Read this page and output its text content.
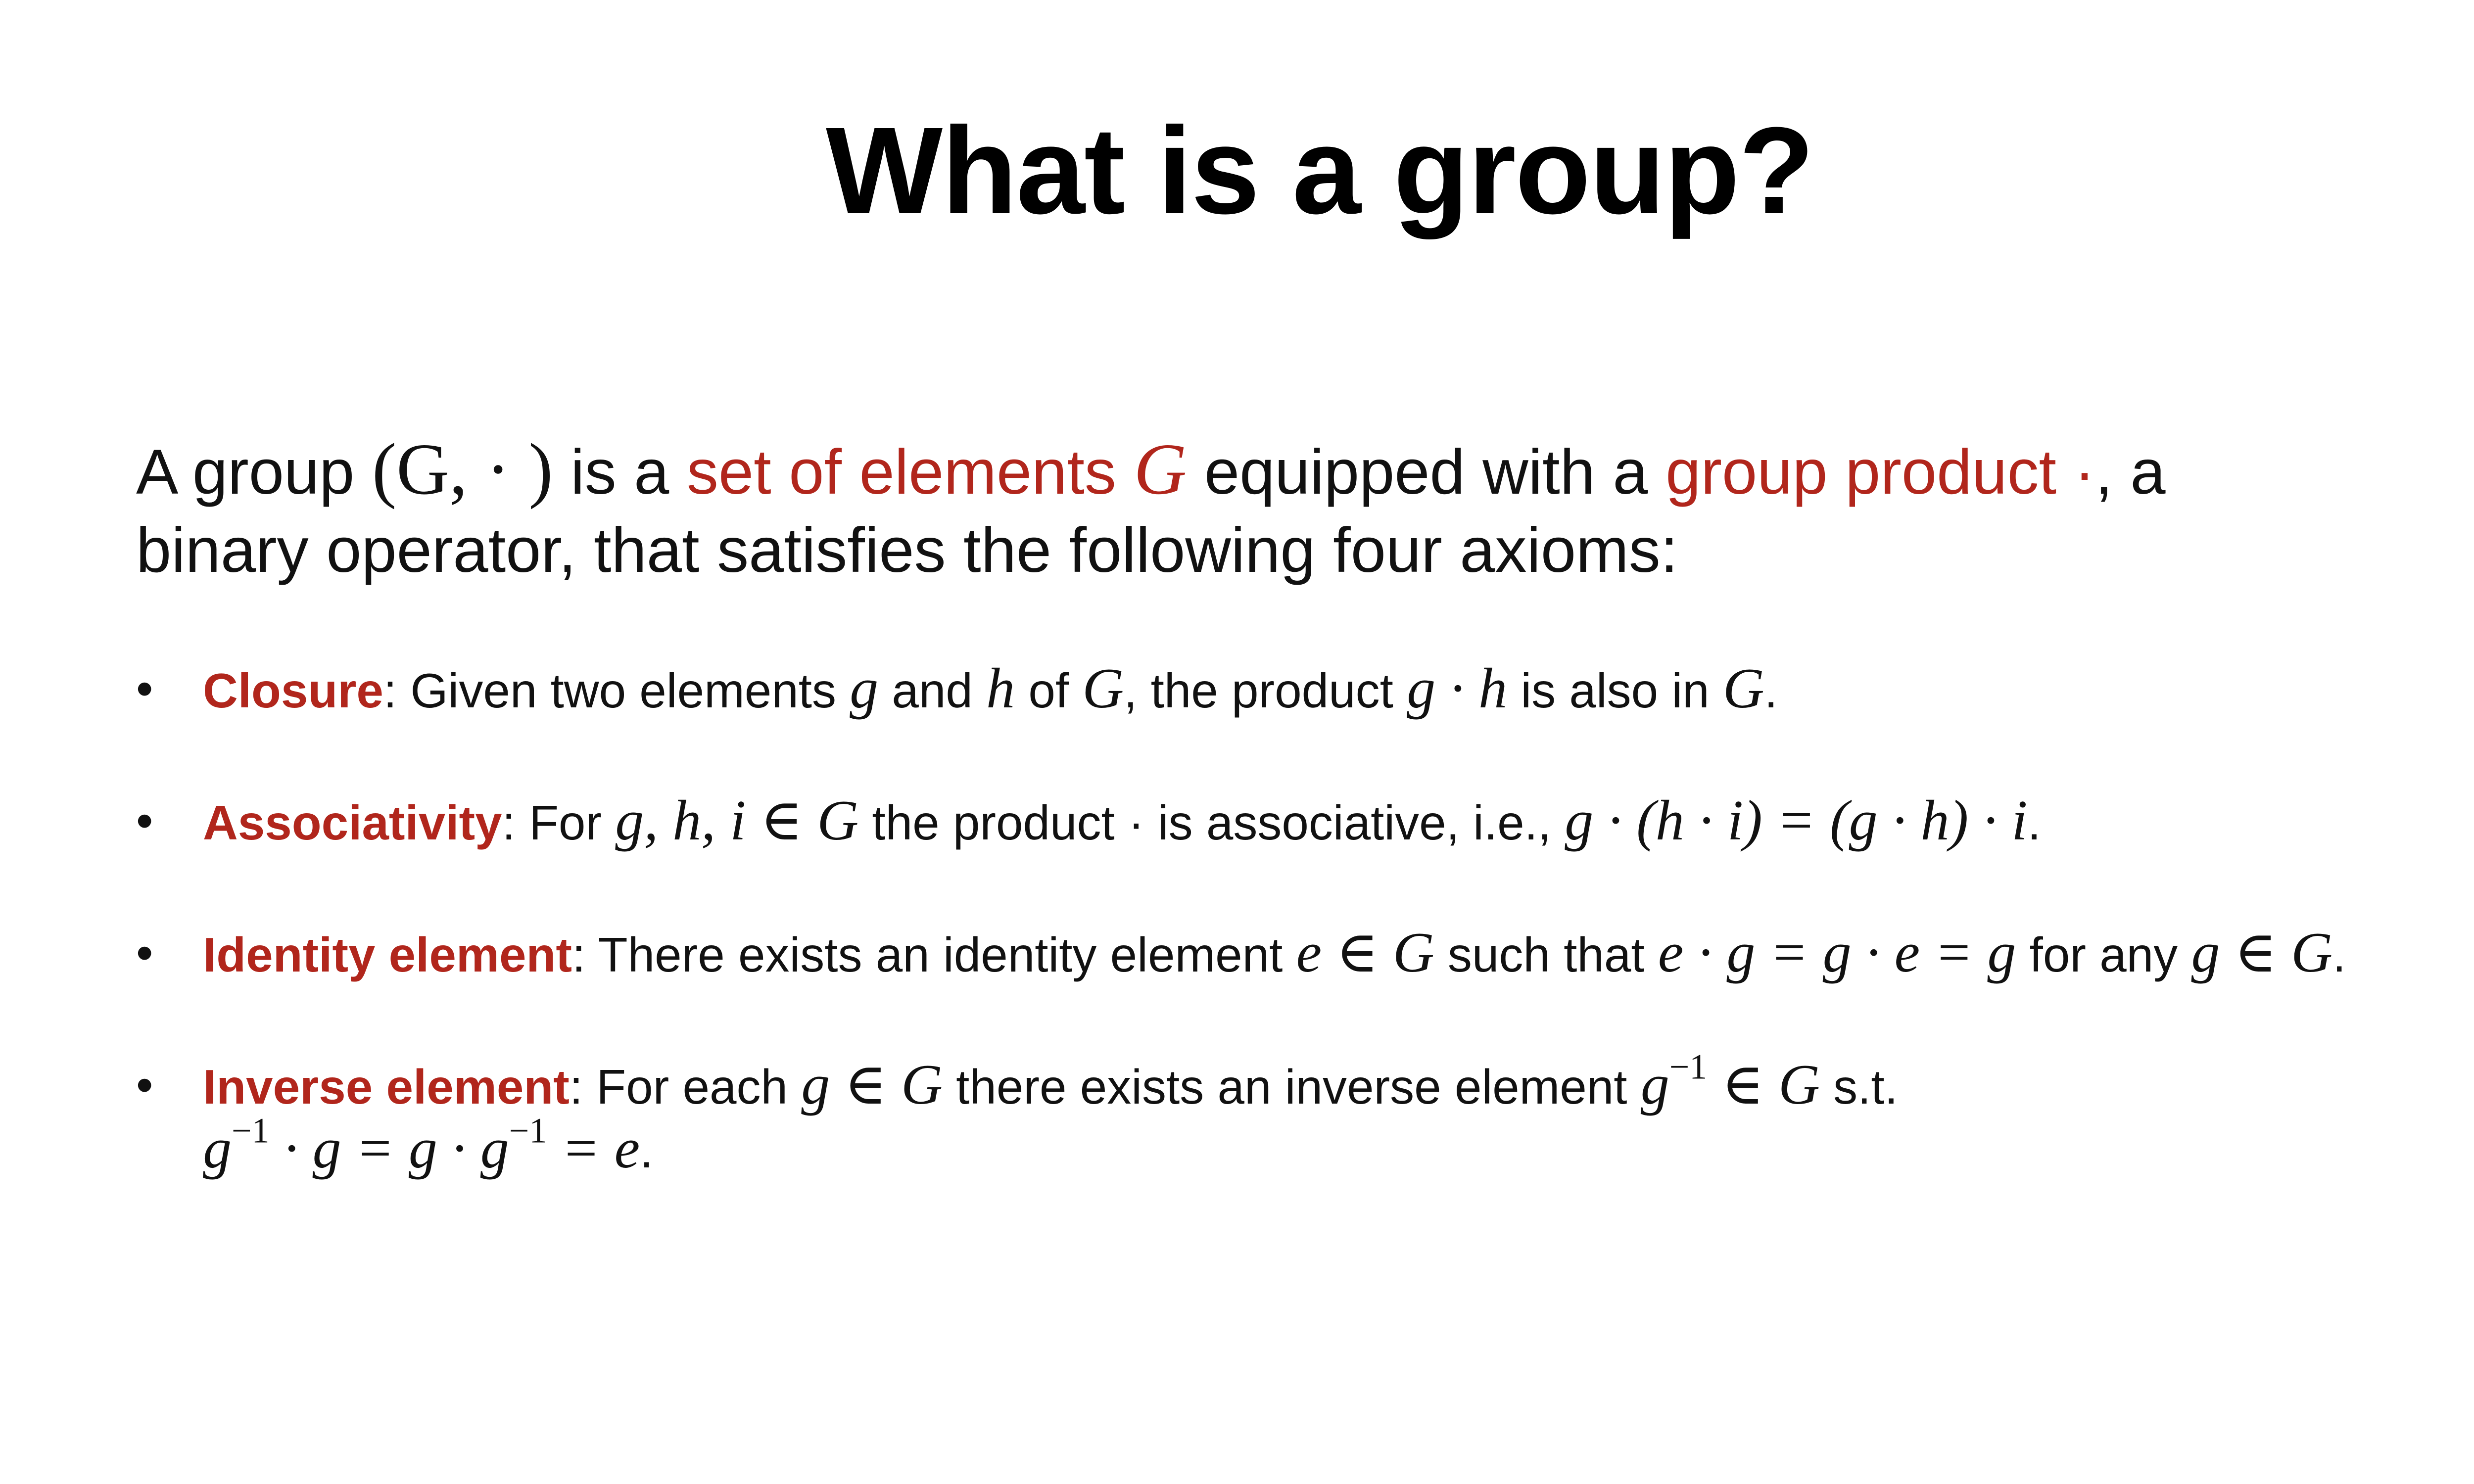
What is a group?
A group (G, · ) is a set of elements G equipped with a group product ·, a
binary operator, that satisfies the following four axioms:
• Closure: Given two elements g and h of G, the product g · h is also in G.
• Associativity: For g, h, i ∈ G the product · is associative, i.e., g · (h · i) = (g · h) · i.
• Identity element: There exists an identity element e ∈ G such that e · g = g · e = g for any g ∈ G.
• Inverse element: For each g ∈ G there exists an inverse element $g^{-1}$ ∈ G s.t.
$g^{-1} \cdot g = g \cdot g^{-1} = e$.
